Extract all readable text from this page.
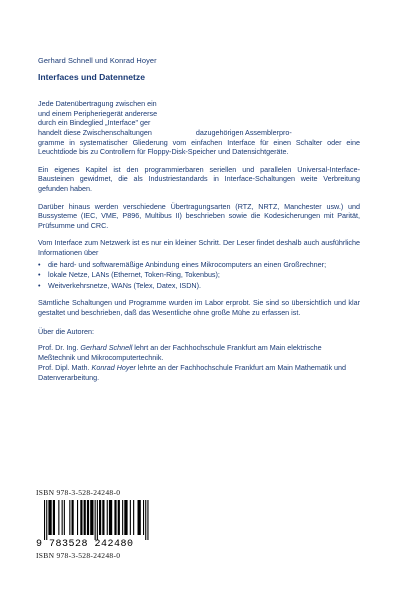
Gerhard Schnell und Konrad Hoyer
Interfaces und Datennetze

Jede Datenübertragung zwischen ein
und einem Peripheriegerät andererse
durch ein Bindeglied „Interface" ger
handelt diese Zwischenschaltungen	dazugehörigen Assemblerpro-

gramme in systematischer Gliederung vom einfachen Interface für einen Schalter oder eine Leuchtdiode bis zu Controllern für Floppy-Disk-Speicher und Datensichtgeräte.

Ein eigenes Kapitel ist den programmierbaren seriellen und parallelen Universal-Interface-Bausteinen gewidmet, die als Industriestandards in Interface-Schaltungen weite Verbreitung gefunden haben.

Darüber hinaus werden verschiedene Übertragungsarten (RTZ, NRTZ, Manchester usw.) und Bussysteme (IEC, VME, P896, Multibus II) beschrieben sowie die Kodesicherungen mit Parität, Prüfsumme und CRC.

Vom Interface zum Netzwerk ist es nur ein kleiner Schritt. Der Leser findet deshalb auch ausführliche Informationen über

• die hard- und softwaremäßige Anbindung eines Mikrocomputers an einen Großrechner;
• lokale Netze, LANs (Ethernet, Token-Ring, Tokenbus);
• Weitverkehrsnetze, WANs (Telex, Datex, ISDN).

Sämtliche Schaltungen und Programme wurden im Labor erprobt. Sie sind so übersichtlich und klar gestaltet und beschrieben, daß das Wesentliche ohne große Mühe zu erfassen ist.

Über die Autoren:
Prof. Dr. Ing. Gerhard Schnell lehrt an der Fachhochschule Frankfurt am Main elektrische Meßtechnik und Mikrocomputertechnik.
Prof. Dipl. Math. Konrad Hoyer lehrte an der Fachhochschule Frankfurt am Main Mathematik und Datenverarbeitung.
ISBN 978-3-528-24248-0
9 783528 242480
ISBN 978-3-528-24248-0
